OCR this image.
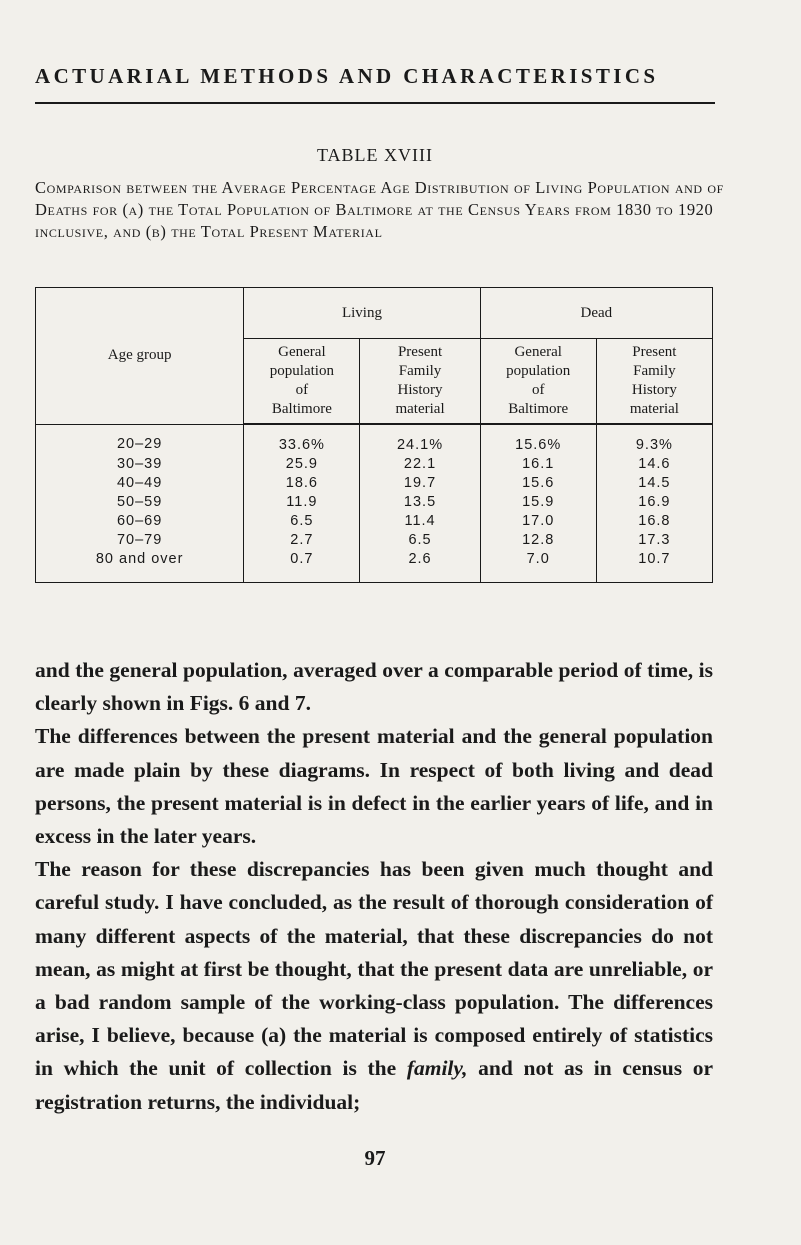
ACTUARIAL METHODS AND CHARACTERISTICS
TABLE XVIII
Comparison between the Average Percentage Age Distribution of Living Population and of Deaths for (a) the Total Population of Baltimore at the Census Years from 1830 to 1920 inclusive, and (b) the Total Present Material
Age group	Living		Dead	
	General
population
of
Baltimore	Present
Family
History
material	General
population
of
Baltimore	Present
Family
History
material
20–29	33.6%	24.1%	15.6%	9.3%
30–39	25.9	22.1	16.1	14.6
40–49	18.6	19.7	15.6	14.5
50–59	11.9	13.5	15.9	16.9
60–69	6.5	11.4	17.0	16.8
70–79	2.7	6.5	12.8	17.3
80 and over	0.7	2.6	7.0	10.7

and the general population, averaged over a comparable period of time, is clearly shown in Figs. 6 and 7.

The differences between the present material and the general population are made plain by these diagrams. In respect of both living and dead persons, the present material is in defect in the earlier years of life, and in excess in the later years.

The reason for these discrepancies has been given much thought and careful study. I have concluded, as the result of thorough consideration of many different aspects of the material, that these discrepancies do not mean, as might at first be thought, that the present data are unreliable, or a bad random sample of the working-class population. The differences arise, I believe, because (a) the material is composed entirely of statistics in which the unit of collection is the family, and not as in census or registration returns, the individual;

97
